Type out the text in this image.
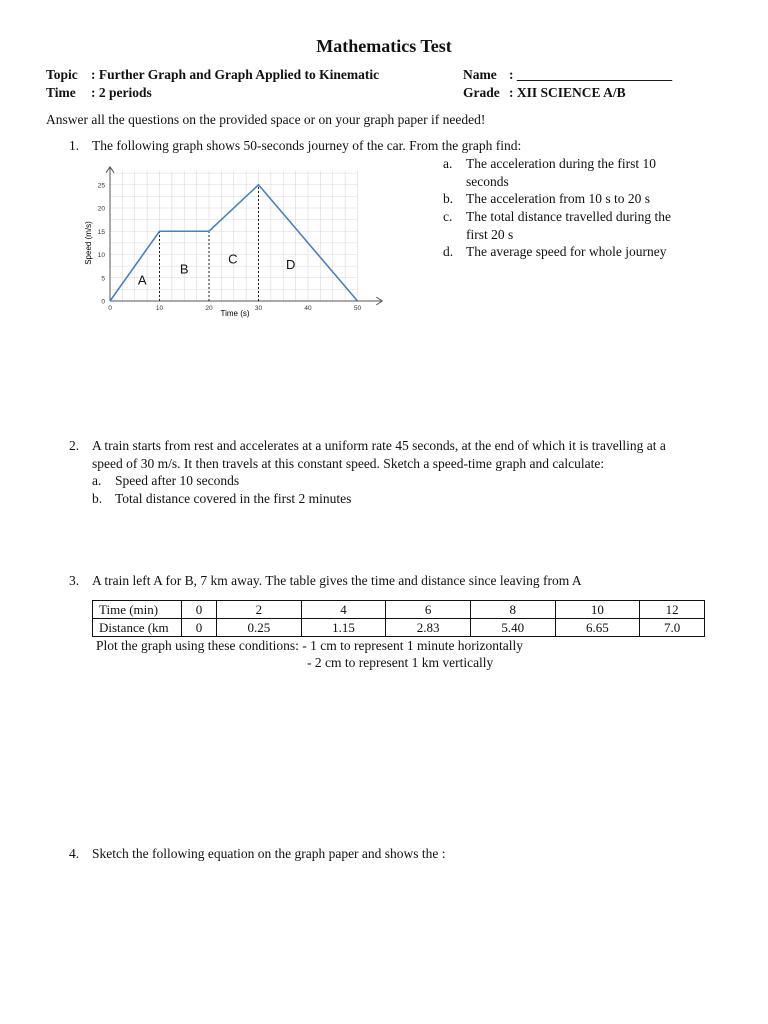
Mathematics Test
Topic : Further Graph and Graph Applied to Kinematic
Time : 2 periods
Name : _______________________
Grade : XII SCIENCE A/B
Answer all the questions on the provided space or on your graph paper if needed!
1. The following graph shows 50-seconds journey of the car. From the graph find:
a. The acceleration during the first 10
seconds
b. The acceleration from 10 s to 20 s
c. The total distance travelled during the
first 20 s
d. The average speed for whole journey
0	10	20	30	40	50
0
5
10
15
20
25
A
B
C	D
Time (s)
Speed (m/s)
2. A train starts from rest and accelerates at a uniform rate 45 seconds, at the end of which it is travelling at a
speed of 30 m/s. It then travels at this constant speed. Sketch a speed-time graph and calculate:
a. Speed after 10 seconds
b. Total distance covered in the first 2 minutes
3. A train left A for B, 7 km away. The table gives the time and distance since leaving from A
Time (min)	0	2	4	6	8	10	12
Distance (km	0	0.25	1.15	2.83	5.40	6.65	7.0
Plot the graph using these conditions: - 1 cm to represent 1 minute horizontally
- 2 cm to represent 1 km vertically
4. Sketch the following equation on the graph paper and shows the :
